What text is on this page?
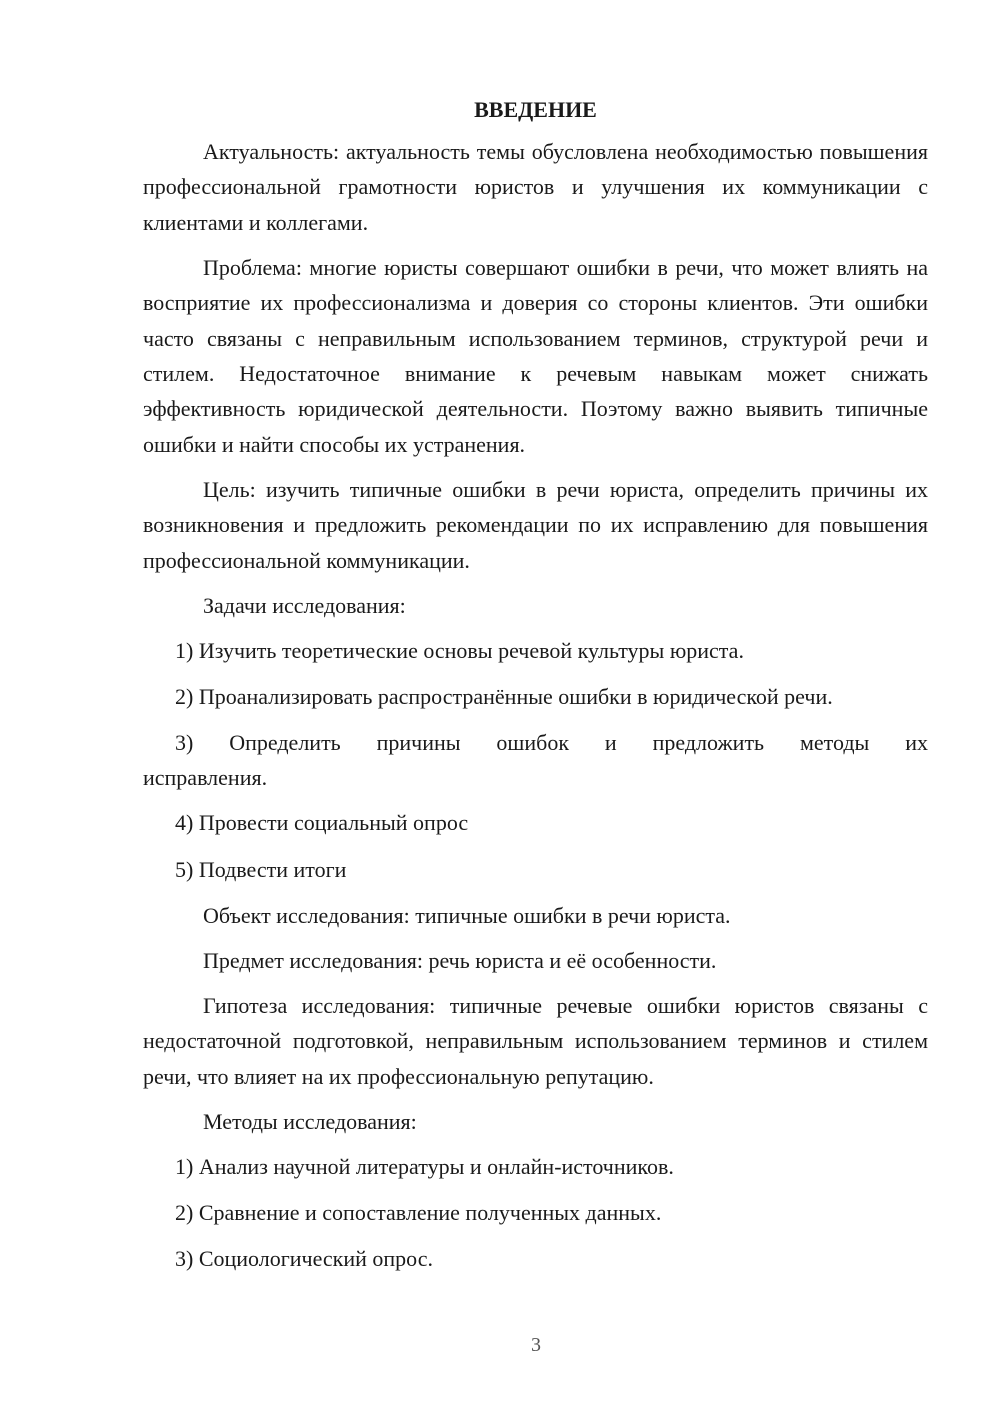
ВВЕДЕНИЕ

Актуальность: актуальность темы обусловлена необходимостью повышения профессиональной грамотности юристов и улучшения их коммуникации с клиентами и коллегами.

Проблема: многие юристы совершают ошибки в речи, что может влиять на восприятие их профессионализма и доверия со стороны клиентов. Эти ошибки часто связаны с неправильным использованием терминов, структурой речи и стилем. Недостаточное внимание к речевым навыкам может снижать эффективность юридической деятельности. Поэтому важно выявить типичные ошибки и найти способы их устранения.

Цель: изучить типичные ошибки в речи юриста, определить причины их возникновения и предложить рекомендации по их исправлению для повышения профессиональной коммуникации.

Задачи исследования:

1) Изучить теоретические основы речевой культуры юриста.

2) Проанализировать распространённые ошибки в юридической речи.

3) Определить причины ошибок и предложить методы их исправления.

4) Провести социальный опрос

5) Подвести итоги

Объект исследования: типичные ошибки в речи юриста.

Предмет исследования: речь юриста и её особенности.

Гипотеза исследования: типичные речевые ошибки юристов связаны с недостаточной подготовкой, неправильным использованием терминов и стилем речи, что влияет на их профессиональную репутацию.

Методы исследования:

1) Анализ научной литературы и онлайн-источников.

2) Сравнение и сопоставление полученных данных.

3) Социологический опрос.

3
